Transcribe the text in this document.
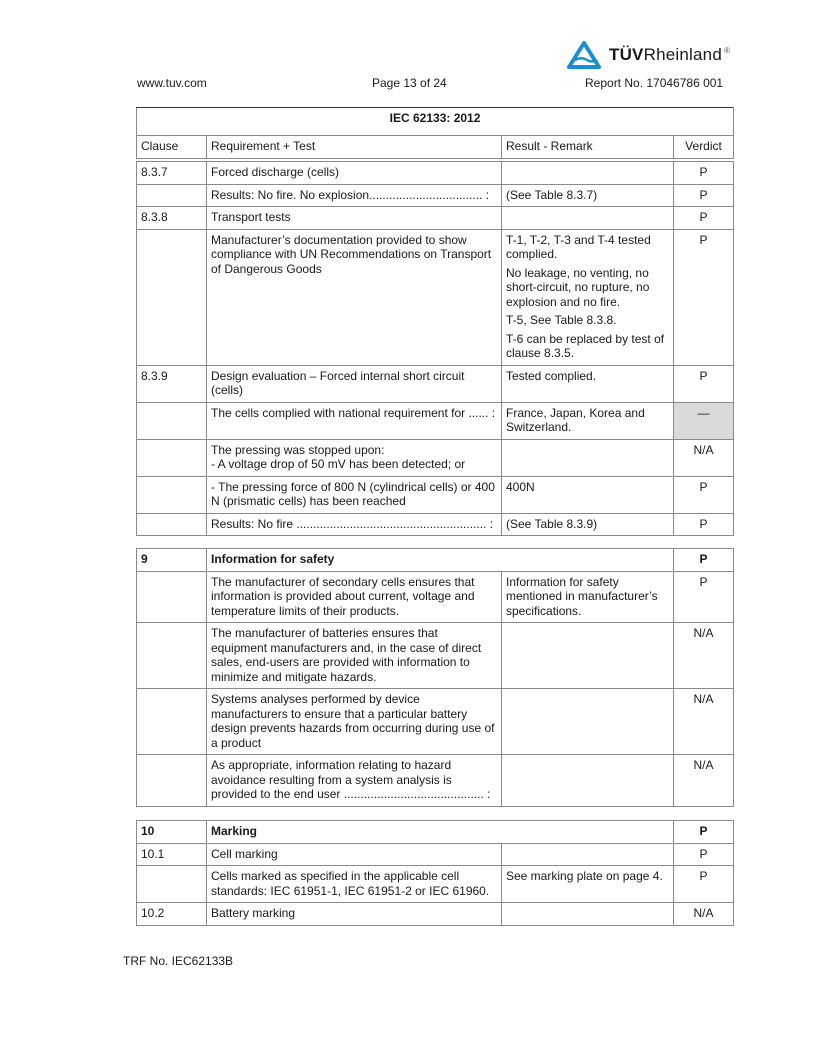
TÜVRheinland ®
www.tuv.com	Page 13 of 24	Report No. 17046786 001
IEC 62133: 2012
Clause	Requirement + Test	Result - Remark	Verdict
8.3.7	Forced discharge (cells)		P
	Results: No fire. No explosion.................................. :	(See Table 8.3.7)	P
8.3.8	Transport tests		P
	Manufacturer’s documentation provided to show compliance with UN Recommendations on Transport of Dangerous Goods	T-1, T-2, T-3 and T-4 tested complied.
No leakage, no venting, no short-circuit, no rupture, no explosion and no fire.
T-5, See Table 8.3.8.
T-6 can be replaced by test of clause 8.3.5.	P
8.3.9	Design evaluation – Forced internal short circuit (cells)	Tested complied.	P
	The cells complied with national requirement for ...... :	France, Japan, Korea and Switzerland.	—
	The pressing was stopped upon:
- A voltage drop of 50 mV has been detected; or		N/A
	- The pressing force of 800 N (cylindrical cells) or 400 N (prismatic cells) has been reached	400N	P
	Results: No fire ......................................................... :	(See Table 8.3.9)	P
9	Information for safety		P
	The manufacturer of secondary cells ensures that information is provided about current, voltage and temperature limits of their products.	Information for safety mentioned in manufacturer’s specifications.	P
	The manufacturer of batteries ensures that equipment manufacturers and, in the case of direct sales, end-users are provided with information to minimize and mitigate hazards.		N/A
	Systems analyses performed by device manufacturers to ensure that a particular battery design prevents hazards from occurring during use of a product		N/A
	As appropriate, information relating to hazard avoidance resulting from a system analysis is provided to the end user .......................................... :		N/A
10	Marking		P
10.1	Cell marking		P
	Cells marked as specified in the applicable cell standards: IEC 61951-1, IEC 61951-2 or IEC 61960.	See marking plate on page 4.	P
10.2	Battery marking		N/A
TRF No. IEC62133B
